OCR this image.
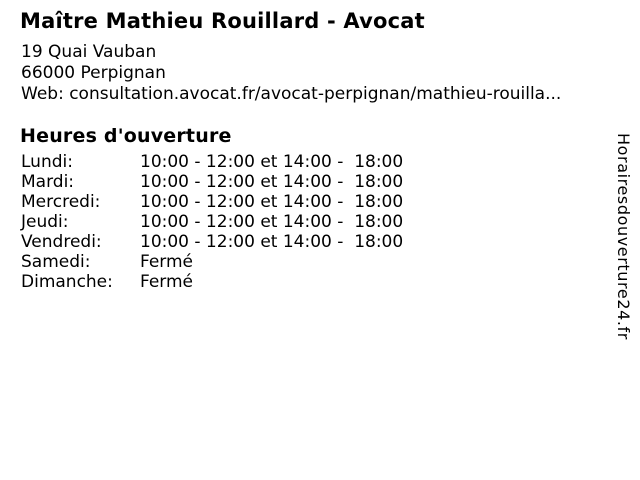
Maître Mathieu Rouillard - Avocat
19 Quai Vauban
66000 Perpignan
Web: consultation.avocat.fr/avocat-perpignan/mathieu-rouilla...
Heures d'ouverture
Lundi:	10:00 - 12:00 et 14:00 -  18:00
Mardi:	10:00 - 12:00 et 14:00 -  18:00
Mercredi:	10:00 - 12:00 et 14:00 -  18:00
Jeudi:	10:00 - 12:00 et 14:00 -  18:00
Vendredi:	10:00 - 12:00 et 14:00 -  18:00
Samedi:	Fermé
Dimanche:	Fermé	Horairesdouverture24.fr
